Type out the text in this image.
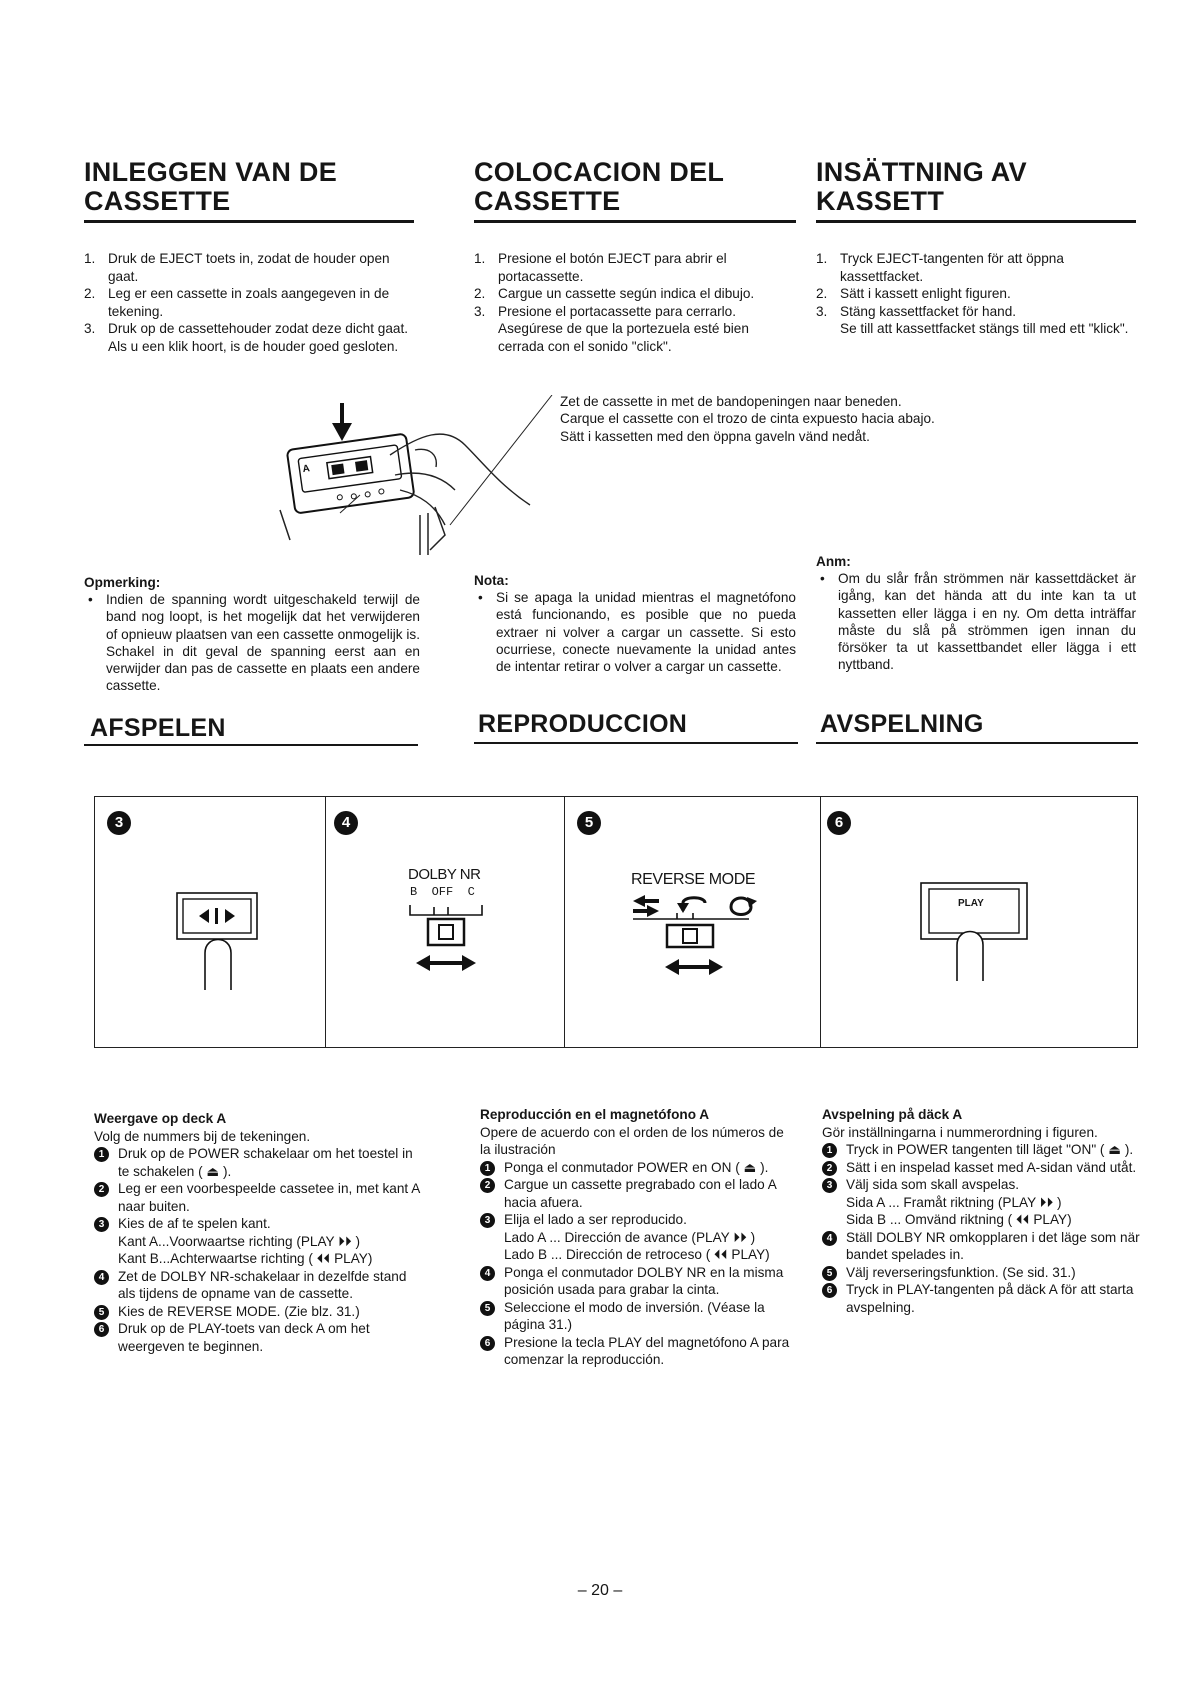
INLEGGEN VAN DE
CASSETTE
COLOCACION DEL
CASSETTE
INSÄTTNING AV
KASSETT
1. Druk de EJECT toets in, zodat de houder open gaat.
2. Leg er een cassette in zoals aangegeven in de tekening.
3. Druk op de cassettehouder zodat deze dicht gaat.
Als u een klik hoort, is de houder goed gesloten.
1. Presione el botón EJECT para abrir el portacassette.
2. Cargue un cassette según indica el dibujo.
3. Presione el portacassette para cerrarlo.
Asegúrese de que la portezuela esté bien cerrada con el sonido "click".
1. Tryck EJECT-tangenten för att öppna kassettfacket.
2. Sätt i kassett enlight figuren.
3. Stäng kassettfacket för hand.
Se till att kassettfacket stängs till med ett "klick".
A
Zet de cassette in met de bandopeningen naar beneden.
Carque el cassette con el trozo de cinta expuesto hacia abajo.
Sätt i kassetten med den öppna gaveln vänd nedåt.
Opmerking:
• Indien de spanning wordt uitgeschakeld terwijl de band nog loopt, is het mogelijk dat het verwijderen of opnieuw plaatsen van een cassette onmogelijk is. Schakel in dit geval de spanning eerst aan en verwijder dan pas de cassette en plaats een andere cassette.
Nota:
• Si se apaga la unidad mientras el magnetófono está funcionando, es posible que no pueda extraer ni volver a cargar un cassette. Si esto ocurriese, conecte nuevamente la unidad antes de intentar retirar o volver a cargar un cassette.
Anm:
• Om du slår från strömmen när kassettdäcket är igång, kan det hända att du inte kan ta ut kassetten eller lägga i en ny. Om detta inträffar måste du slå på strömmen igen innan du försöker ta ut kassettbandet eller lägga i ett nyttband.
AFSPELEN	REPRODUCCION	AVSPELNING
3	4
DOLBY NR
B OFF C
5
REVERSE MODE
6
PLAY
Weergave op deck A
Volg de nummers bij de tekeningen.
1	Druk op de POWER schakelaar om het toestel in te schakelen ( ⏏ ).
2	Leg er een voorbespeelde cassetee in, met kant A naar buiten.
3	Kies de af te spelen kant.
Kant A...Voorwaartse richting (PLAY ⏵⏵ )
Kant B...Achterwaartse richting ( ⏴⏴ PLAY)
4	Zet de DOLBY NR-schakelaar in dezelfde stand als tijdens de opname van de cassette.
5	Kies de REVERSE MODE. (Zie blz. 31.)
6	Druk op de PLAY-toets van deck A om het weergeven te beginnen.
Reproducción en el magnetófono A
Opere de acuerdo con el orden de los números de la ilustración
1	Ponga el conmutador POWER en ON ( ⏏ ).
2	Cargue un cassette pregrabado con el lado A hacia afuera.
3	Elija el lado a ser reproducido.
Lado A ... Dirección de avance (PLAY ⏵⏵ )
Lado B ... Dirección de retroceso ( ⏴⏴ PLAY)
4	Ponga el conmutador DOLBY NR en la misma posición usada para grabar la cinta.
5	Seleccione el modo de inversión. (Véase la página 31.)
6	Presione la tecla PLAY del magnetófono A para comenzar la reproducción.
Avspelning på däck A
Gör inställningarna i nummerordning i figuren.
1	Tryck in POWER tangenten till läget "ON" ( ⏏ ).
2	Sätt i en inspelad kasset med A-sidan vänd utåt.
3	Välj sida som skall avspelas.
Sida A ... Framåt riktning (PLAY ⏵⏵ )
Sida B ... Omvänd riktning ( ⏴⏴ PLAY)
4	Ställ DOLBY NR omkopplaren i det läge som när bandet spelades in.
5	Välj reverseringsfunktion. (Se sid. 31.)
6	Tryck in PLAY-tangenten på däck A för att starta avspelning.
– 20 –
